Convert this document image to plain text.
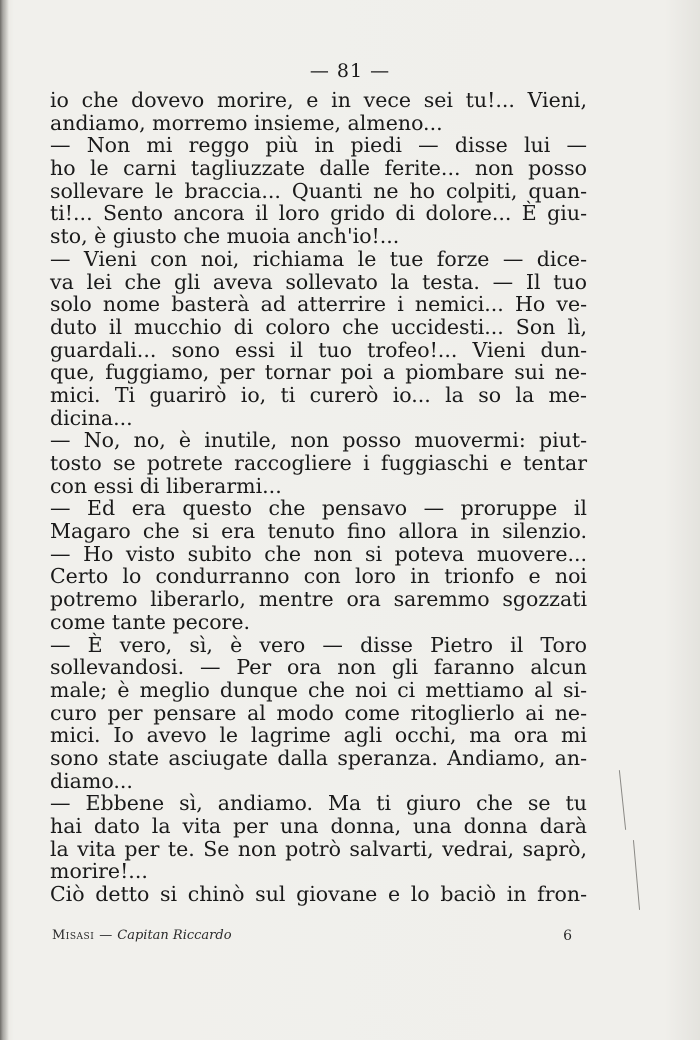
— 81 —
io che dovevo morire, e in vece sei tu!... Vieni,
andiamo, morremo insieme, almeno...
— Non mi reggo più in piedi — disse lui —
ho le carni tagliuzzate dalle ferite... non posso
sollevare le braccia... Quanti ne ho colpiti, quan-
ti!... Sento ancora il loro grido di dolore... È giu-
sto, è giusto che muoia anch'io!...
— Vieni con noi, richiama le tue forze — dice-
va lei che gli aveva sollevato la testa. — Il tuo
solo nome basterà ad atterrire i nemici... Ho ve-
duto il mucchio di coloro che uccidesti... Son lì,
guardali... sono essi il tuo trofeo!... Vieni dun-
que, fuggiamo, per tornar poi a piombare sui ne-
mici. Ti guarirò io, ti curerò io... la so la me-
dicina...
— No, no, è inutile, non posso muovermi: piut-
tosto se potrete raccogliere i fuggiaschi e tentar
con essi di liberarmi...
— Ed era questo che pensavo — proruppe il
Magaro che si era tenuto fino allora in silenzio.
— Ho visto subito che non si poteva muovere...
Certo lo condurranno con loro in trionfo e noi
potremo liberarlo, mentre ora saremmo sgozzati
come tante pecore.
— È vero, sì, è vero — disse Pietro il Toro
sollevandosi. — Per ora non gli faranno alcun
male; è meglio dunque che noi ci mettiamo al si-
curo per pensare al modo come ritoglierlo ai ne-
mici. Io avevo le lagrime agli occhi, ma ora mi
sono state asciugate dalla speranza. Andiamo, an-
diamo...
— Ebbene sì, andiamo. Ma ti giuro che se tu
hai dato la vita per una donna, una donna darà
la vita per te. Se non potrò salvarti, vedrai, saprò,
morire!...
Ciò detto si chinò sul giovane e lo baciò in fron-
Misasi — Capitan Riccardo	6
